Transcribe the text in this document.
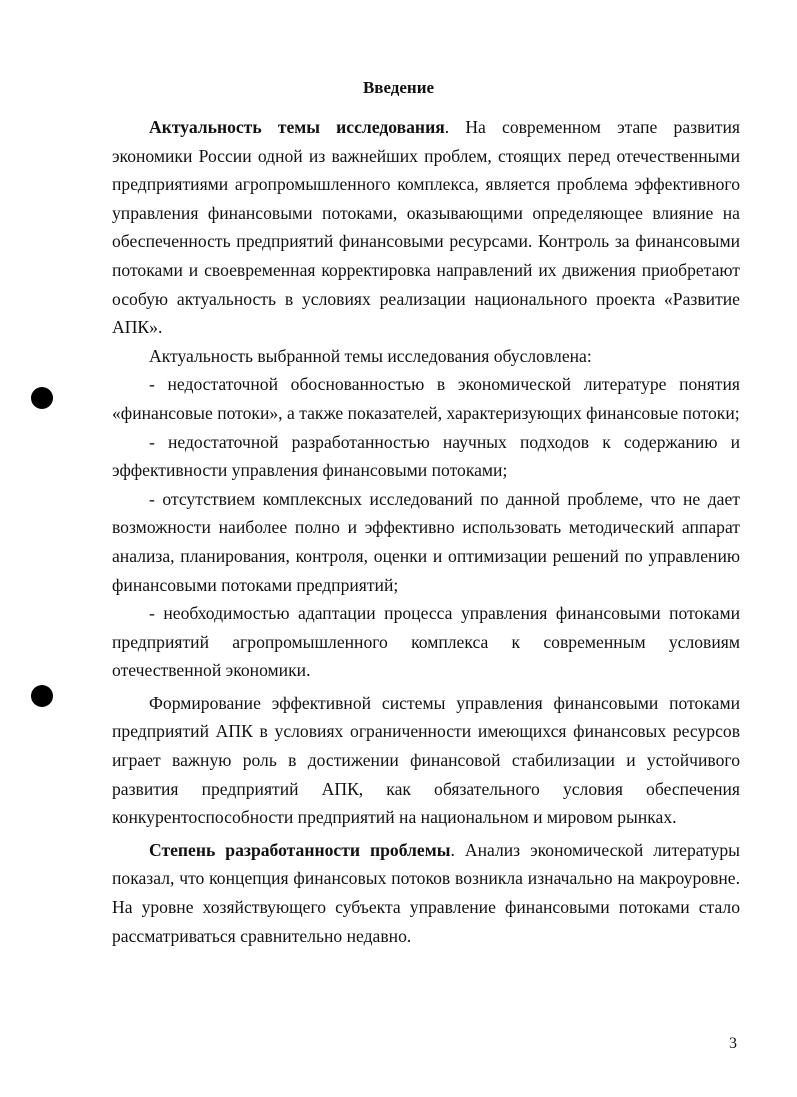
Введение

Актуальность темы исследования. На современном этапе развития экономики России одной из важнейших проблем, стоящих перед отечественными предприятиями агропромышленного комплекса, является проблема эффективного управления финансовыми потоками, оказывающими определяющее влияние на обеспеченность предприятий финансовыми ресурсами. Контроль за финансовыми потоками и своевременная корректировка направлений их движения приобретают особую актуальность в условиях реализации национального проекта «Развитие АПК».

Актуальность выбранной темы исследования обусловлена:

- недостаточной обоснованностью в экономической литературе понятия «финансовые потоки», а также показателей, характеризующих финансовые потоки;

- недостаточной разработанностью научных подходов к содержанию и эффективности управления финансовыми потоками;

- отсутствием комплексных исследований по данной проблеме, что не дает возможности наиболее полно и эффективно использовать методический аппарат анализа, планирования, контроля, оценки и оптимизации решений по управлению финансовыми потоками предприятий;

- необходимостью адаптации процесса управления финансовыми потоками предприятий агропромышленного комплекса к современным условиям отечественной экономики.

Формирование эффективной системы управления финансовыми потоками предприятий АПК в условиях ограниченности имеющихся финансовых ресурсов играет важную роль в достижении финансовой стабилизации и устойчивого развития предприятий АПК, как обязательного условия обеспечения конкурентоспособности предприятий на национальном и мировом рынках.

Степень разработанности проблемы. Анализ экономической литературы показал, что концепция финансовых потоков возникла изначально на макроуровне. На уровне хозяйствующего субъекта управление финансовыми потоками стало рассматриваться сравнительно недавно.

3
